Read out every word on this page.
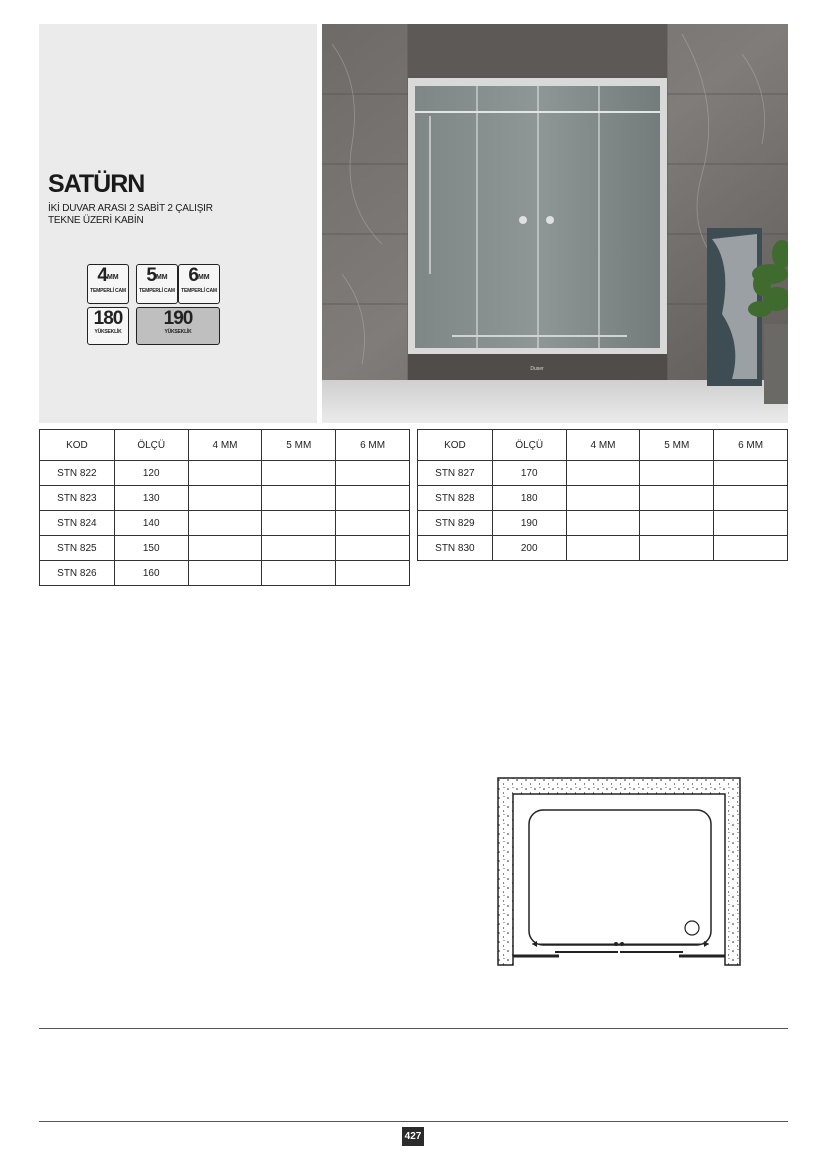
SATÜRN
İKİ DUVAR ARASI 2 SABİT 2 ÇALIŞIR
TEKNE ÜZERİ KABİN
$4^{MM}$
TEMPERLİ CAM
$5^{MM}$
TEMPERLİ CAM
$6^{MM}$
TEMPERLİ CAM
180
YÜKSEKLİK
190
YÜKSEKLİK
Duser
KOD	ÖLÇÜ	4 MM	5 MM	6 MM
STN 822	120			
STN 823	130			
STN 824	140			
STN 825	150			
STN 826	160			
KOD	ÖLÇÜ	4 MM	5 MM	6 MM
STN 827	170			
STN 828	180			
STN 829	190			
STN 830	200			
427
